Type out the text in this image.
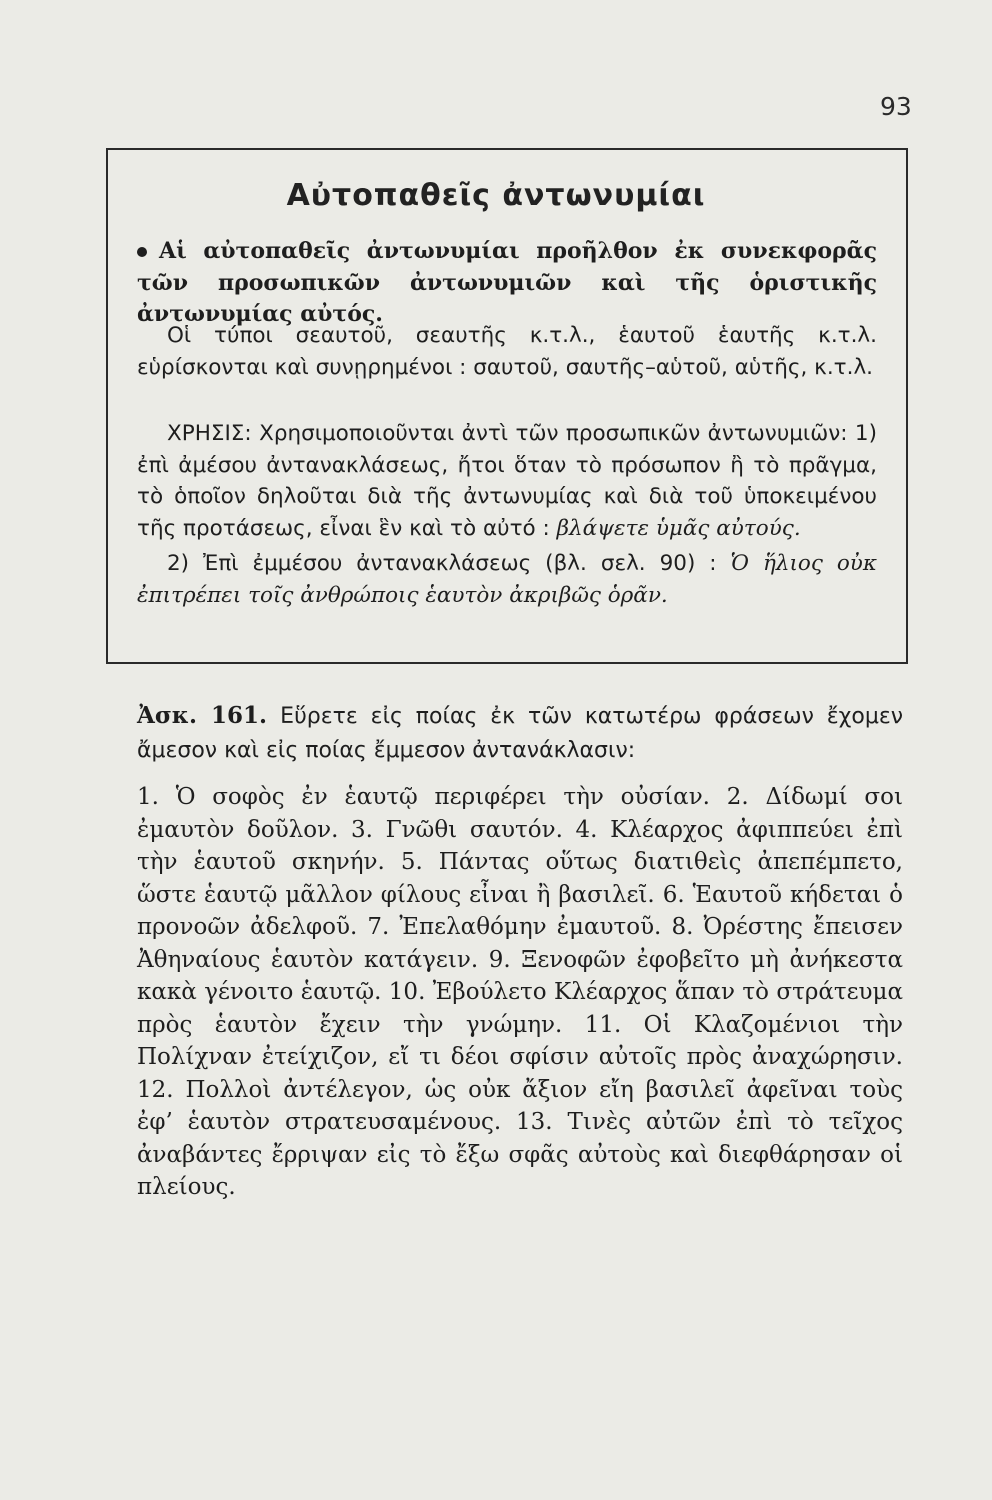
93
Αὐτοπαθεῖς ἀντωνυμίαι

Αἱ αὐτοπαθεῖς ἀντωνυμίαι προῆλθον ἐκ συνεκφορᾶς τῶν προσωπικῶν ἀντωνυμιῶν καὶ τῆς ὁριστικῆς ἀντωνυμίας αὐτός.

Οἱ τύποι σεαυτοῦ, σεαυτῆς κ.τ.λ., ἑαυτοῦ ἑαυτῆς κ.τ.λ. εὑρίσκονται καὶ συνῃρημένοι : σαυτοῦ, σαυτῆς–αὑτοῦ, αὑτῆς, κ.τ.λ.

ΧΡΗΣΙΣ: Χρησιμοποιοῦνται ἀντὶ τῶν προσωπικῶν ἀντωνυμιῶν: 1) ἐπὶ ἀμέσου ἀντανακλάσεως, ἤτοι ὅταν τὸ πρόσωπον ἢ τὸ πρᾶγμα, τὸ ὁποῖον δηλοῦται διὰ τῆς ἀντωνυμίας καὶ διὰ τοῦ ὑποκειμένου τῆς προτάσεως, εἶναι ἓν καὶ τὸ αὐτό : βλάψετε ὑμᾶς αὐτούς.

2) Ἐπὶ ἐμμέσου ἀντανακλάσεως (βλ. σελ. 90) : Ὁ ἥλιος οὐκ ἐπιτρέπει τοῖς ἀνθρώποις ἑαυτὸν ἀκριβῶς ὁρᾶν.

Ἀσκ. 161. Εὕρετε εἰς ποίας ἐκ τῶν κατωτέρω φράσεων ἔχομεν ἄμεσον καὶ εἰς ποίας ἔμμεσον ἀντανάκλασιν:

1. Ὁ σοφὸς ἐν ἑαυτῷ περιφέρει τὴν οὐσίαν. 2. Δίδωμί σοι ἐμαυτὸν δοῦλον. 3. Γνῶθι σαυτόν. 4. Κλέαρχος ἀφιππεύει ἐπὶ τὴν ἑαυτοῦ σκηνήν. 5. Πάντας οὕτως διατιθεὶς ἀπεπέμπετο, ὥστε ἑαυτῷ μᾶλλον φίλους εἶναι ἢ βασιλεῖ. 6. Ἑαυτοῦ κήδεται ὁ προνοῶν ἀδελφοῦ. 7. Ἐπελαθόμην ἐμαυτοῦ. 8. Ὀρέστης ἔπεισεν Ἀθηναίους ἑαυτὸν κατάγειν. 9. Ξενοφῶν ἐφοβεῖτο μὴ ἀνήκεστα κακὰ γένοιτο ἑαυτῷ. 10. Ἐβούλετο Κλέαρχος ἅπαν τὸ στράτευμα πρὸς ἑαυτὸν ἔχειν τὴν γνώμην. 11. Οἱ Κλαζομένιοι τὴν Πολίχναν ἐτείχιζον, εἴ τι δέοι σφίσιν αὐτοῖς πρὸς ἀναχώρησιν. 12. Πολλοὶ ἀντέλεγον, ὡς οὐκ ἄξιον εἴη βασιλεῖ ἀφεῖναι τοὺς ἐφ’ ἑαυτὸν στρατευσαμένους. 13. Τινὲς αὐτῶν ἐπὶ τὸ τεῖχος ἀναβάντες ἔρριψαν εἰς τὸ ἔξω σφᾶς αὐτοὺς καὶ διεφθάρησαν οἱ πλείους.
